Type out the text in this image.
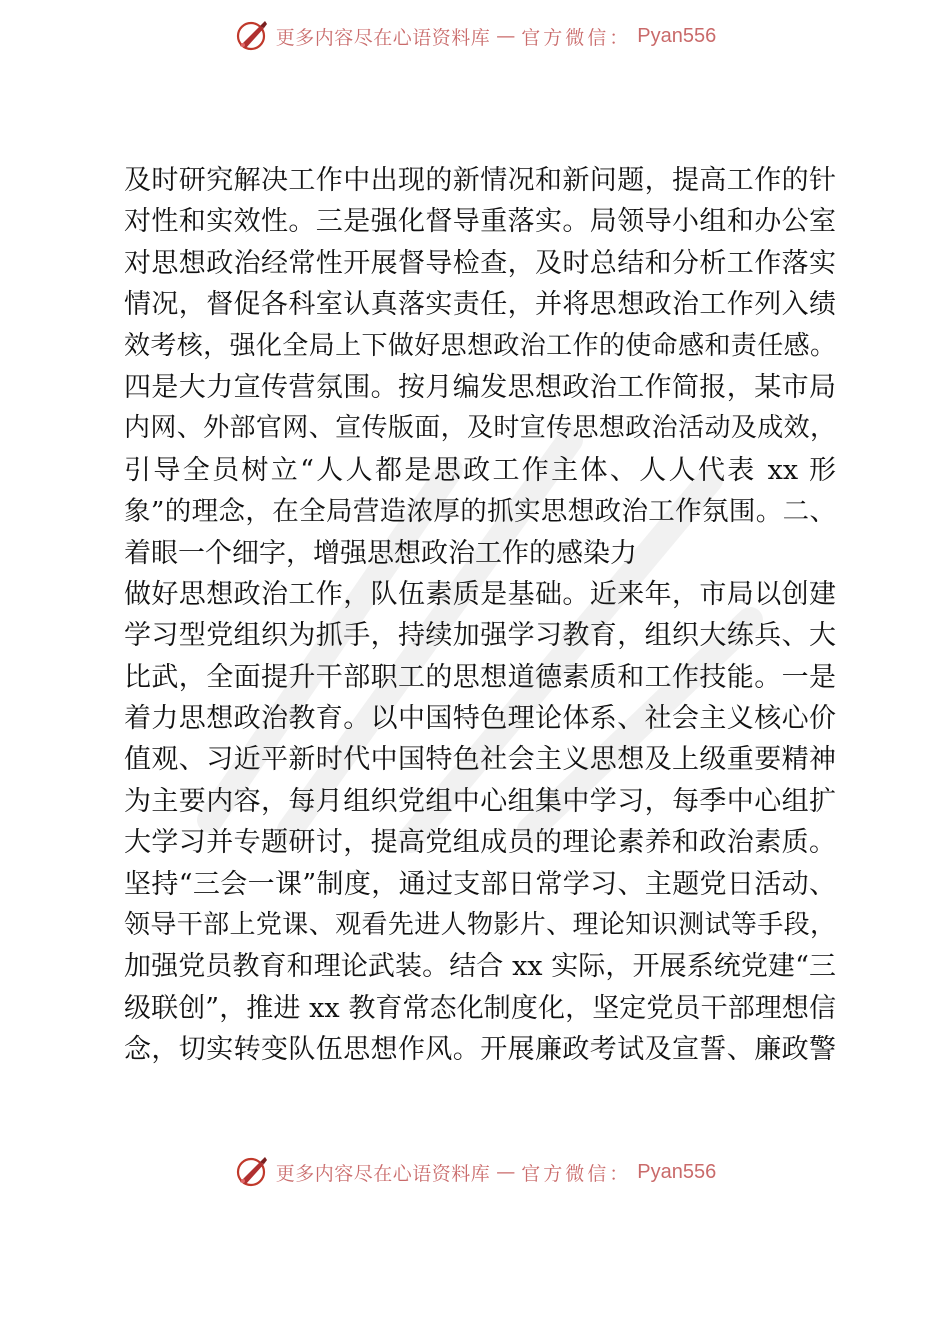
更多内容尽在心语资料库 — 官方微信： Pyan556
及时研究解决工作中出现的新情况和新问题，提高工作的针
对性和实效性。三是强化督导重落实。局领导小组和办公室
对思想政治经常性开展督导检查，及时总结和分析工作落实
情况，督促各科室认真落实责任，并将思想政治工作列入绩
效考核，强化全局上下做好思想政治工作的使命感和责任感。
四是大力宣传营氛围。按月编发思想政治工作简报，某市局
内网、外部官网、宣传版面，及时宣传思想政治活动及成效，
引导全员树立“人人都是思政工作主体、人人代表 xx 形
象”的理念，在全局营造浓厚的抓实思想政治工作氛围。二、
着眼一个细字，增强思想政治工作的感染力
做好思想政治工作，队伍素质是基础。近来年，市局以创建
学习型党组织为抓手，持续加强学习教育，组织大练兵、大
比武，全面提升干部职工的思想道德素质和工作技能。一是
着力思想政治教育。以中国特色理论体系、社会主义核心价
值观、习近平新时代中国特色社会主义思想及上级重要精神
为主要内容，每月组织党组中心组集中学习，每季中心组扩
大学习并专题研讨，提高党组成员的理论素养和政治素质。
坚持“三会一课”制度，通过支部日常学习、主题党日活动、
领导干部上党课、观看先进人物影片、理论知识测试等手段，
加强党员教育和理论武装。结合 xx 实际，开展系统党建“三
级联创”，推进 xx 教育常态化制度化，坚定党员干部理想信
念，切实转变队伍思想作风。开展廉政考试及宣誓、廉政警
更多内容尽在心语资料库 — 官方微信： Pyan556
